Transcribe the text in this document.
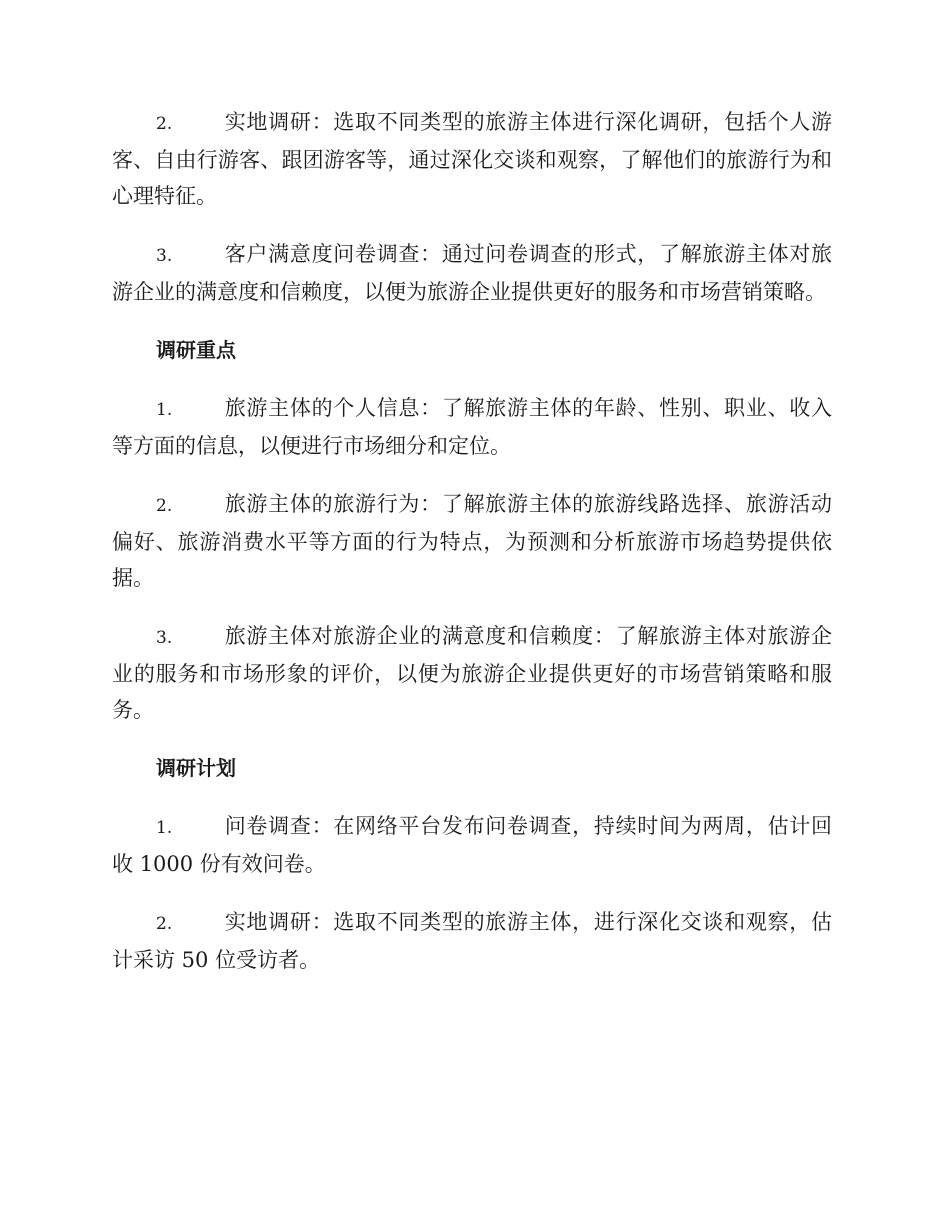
2. 实地调研：选取不同类型的旅游主体进行深化调研，包括个人游客、自由行游客、跟团游客等，通过深化交谈和观察，了解他们的旅游行为和心理特征。

3. 客户满意度问卷调查：通过问卷调查的形式，了解旅游主体对旅游企业的满意度和信赖度，以便为旅游企业提供更好的服务和市场营销策略。

调研重点

1. 旅游主体的个人信息：了解旅游主体的年龄、性别、职业、收入等方面的信息，以便进行市场细分和定位。

2. 旅游主体的旅游行为：了解旅游主体的旅游线路选择、旅游活动偏好、旅游消费水平等方面的行为特点，为预测和分析旅游市场趋势提供依据。

3. 旅游主体对旅游企业的满意度和信赖度：了解旅游主体对旅游企业的服务和市场形象的评价，以便为旅游企业提供更好的市场营销策略和服务。

调研计划

1. 问卷调查：在网络平台发布问卷调查，持续时间为两周，估计回收 1000 份有效问卷。

2. 实地调研：选取不同类型的旅游主体，进行深化交谈和观察，估计采访 50 位受访者。
